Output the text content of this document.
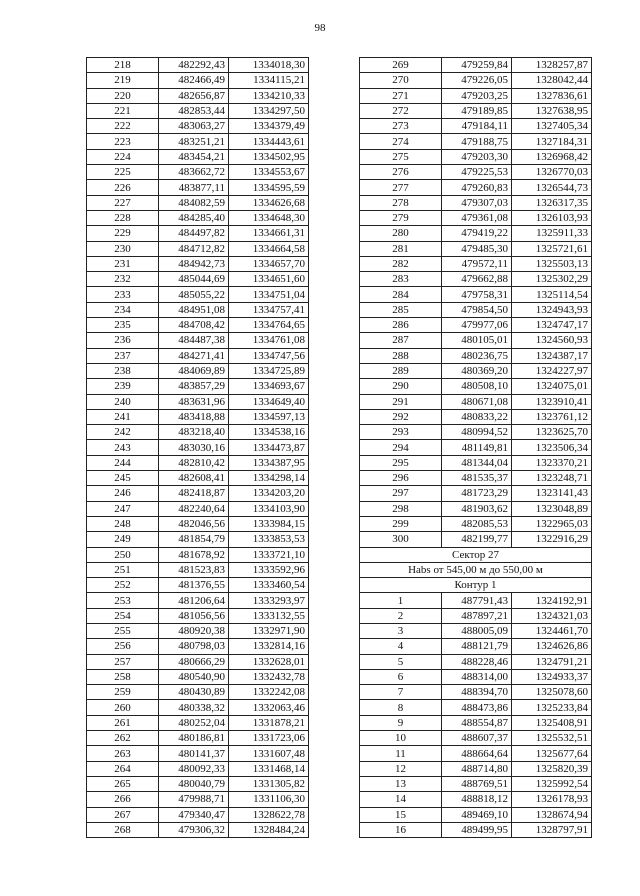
98
218	482292,43	1334018,30
219	482466,49	1334115,21
220	482656,87	1334210,33
221	482853,44	1334297,50
222	483063,27	1334379,49
223	483251,21	1334443,61
224	483454,21	1334502,95
225	483662,72	1334553,67
226	483877,11	1334595,59
227	484082,59	1334626,68
228	484285,40	1334648,30
229	484497,82	1334661,31
230	484712,82	1334664,58
231	484942,73	1334657,70
232	485044,69	1334651,60
233	485055,22	1334751,04
234	484951,08	1334757,41
235	484708,42	1334764,65
236	484487,38	1334761,08
237	484271,41	1334747,56
238	484069,89	1334725,89
239	483857,29	1334693,67
240	483631,96	1334649,40
241	483418,88	1334597,13
242	483218,40	1334538,16
243	483030,16	1334473,87
244	482810,42	1334387,95
245	482608,41	1334298,14
246	482418,87	1334203,20
247	482240,64	1334103,90
248	482046,56	1333984,15
249	481854,79	1333853,53
250	481678,92	1333721,10
251	481523,83	1333592,96
252	481376,55	1333460,54
253	481206,64	1333293,97
254	481056,56	1333132,55
255	480920,38	1332971,90
256	480798,03	1332814,16
257	480666,29	1332628,01
258	480540,90	1332432,78
259	480430,89	1332242,08
260	480338,32	1332063,46
261	480252,04	1331878,21
262	480186,81	1331723,06
263	480141,37	1331607,48
264	480092,33	1331468,14
265	480040,79	1331305,82
266	479988,71	1331106,30
267	479340,47	1328622,78
268	479306,32	1328484,24
269	479259,84	1328257,87
270	479226,05	1328042,44
271	479203,25	1327836,61
272	479189,85	1327638,95
273	479184,11	1327405,34
274	479188,75	1327184,31
275	479203,30	1326968,42
276	479225,53	1326770,03
277	479260,83	1326544,73
278	479307,03	1326317,35
279	479361,08	1326103,93
280	479419,22	1325911,33
281	479485,30	1325721,61
282	479572,11	1325503,13
283	479662,88	1325302,29
284	479758,31	1325114,54
285	479854,50	1324943,93
286	479977,06	1324747,17
287	480105,01	1324560,93
288	480236,75	1324387,17
289	480369,20	1324227,97
290	480508,10	1324075,01
291	480671,08	1323910,41
292	480833,22	1323761,12
293	480994,52	1323625,70
294	481149,81	1323506,34
295	481344,04	1323370,21
296	481535,37	1323248,71
297	481723,29	1323141,43
298	481903,62	1323048,89
299	482085,53	1322965,03
300	482199,77	1322916,29
Сектор 27		
Нabs от 545,00 м до 550,00 м		
Контур 1		
1	487791,43	1324192,91
2	487897,21	1324321,03
3	488005,09	1324461,70
4	488121,79	1324626,86
5	488228,46	1324791,21
6	488314,00	1324933,37
7	488394,70	1325078,60
8	488473,86	1325233,84
9	488554,87	1325408,91
10	488607,37	1325532,51
11	488664,64	1325677,64
12	488714,80	1325820,39
13	488769,51	1325992,54
14	488818,12	1326178,93
15	489469,10	1328674,94
16	489499,95	1328797,91
